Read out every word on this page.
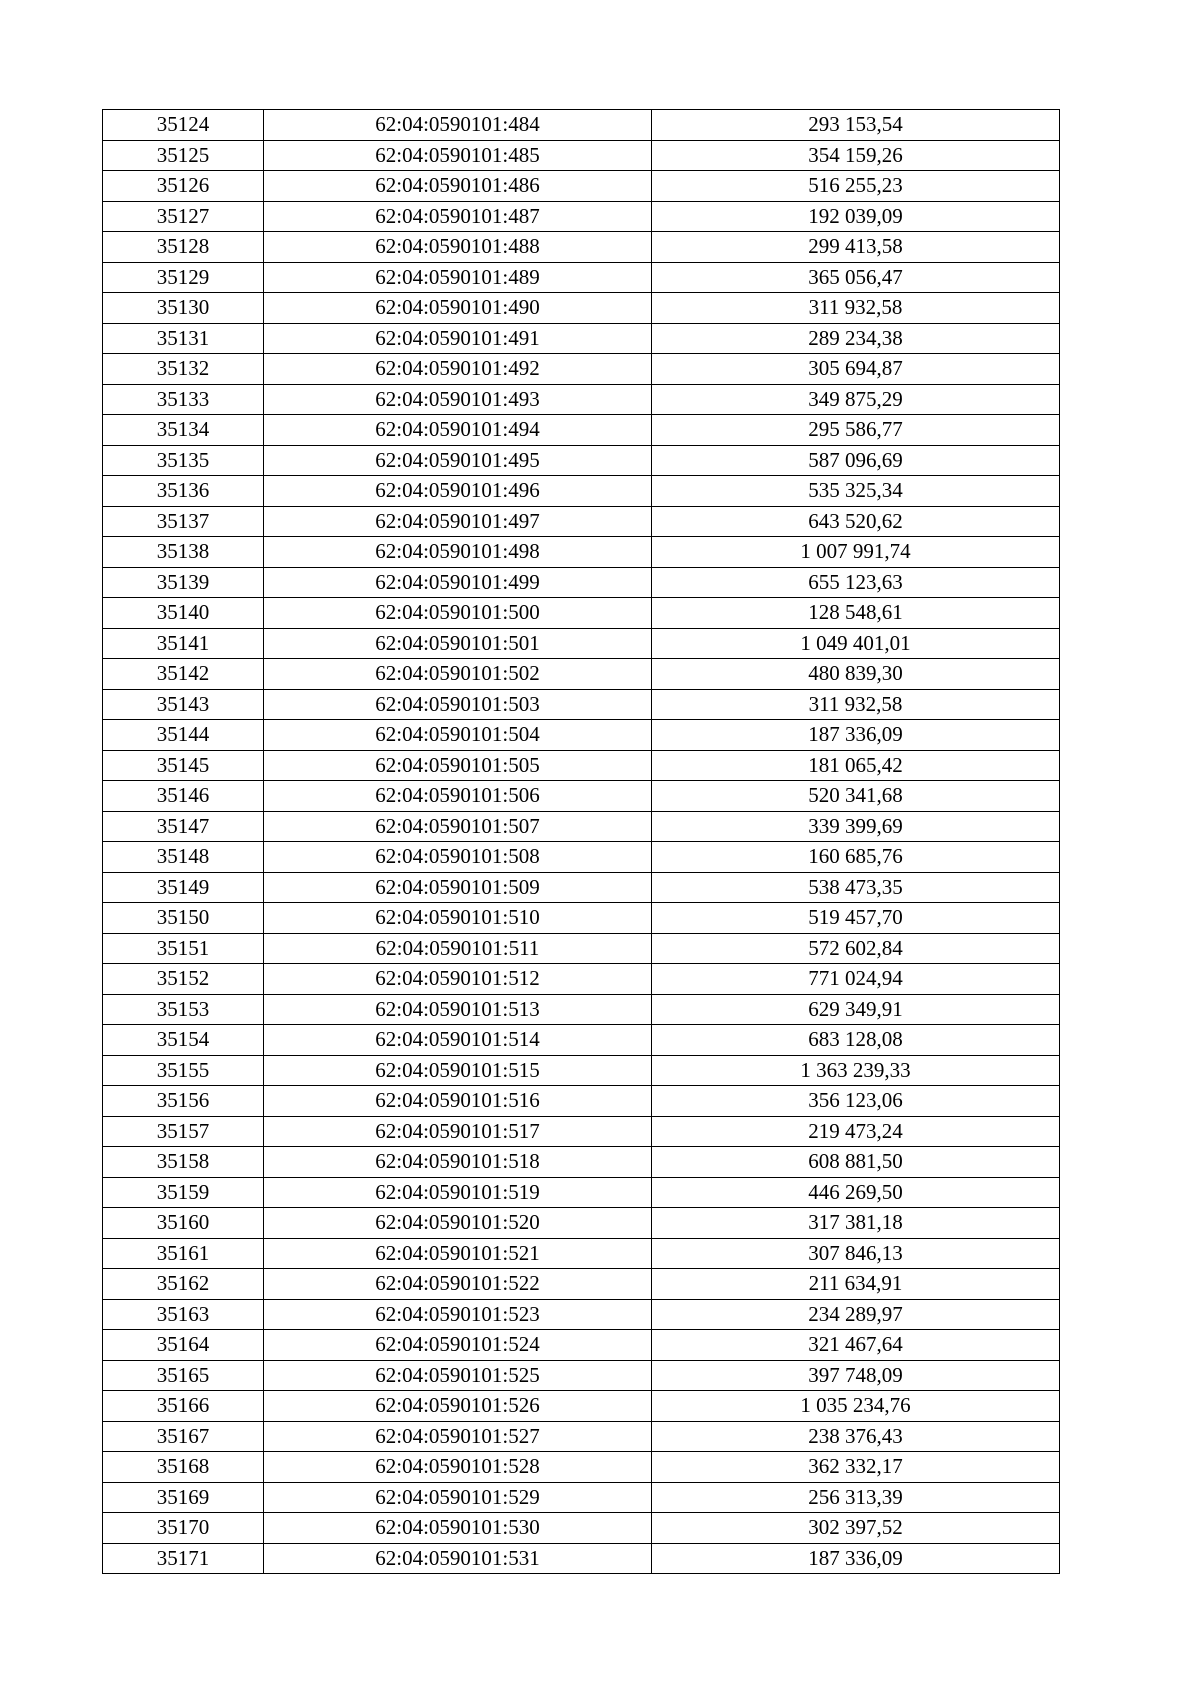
35124	62:04:0590101:484	293 153,54
35125	62:04:0590101:485	354 159,26
35126	62:04:0590101:486	516 255,23
35127	62:04:0590101:487	192 039,09
35128	62:04:0590101:488	299 413,58
35129	62:04:0590101:489	365 056,47
35130	62:04:0590101:490	311 932,58
35131	62:04:0590101:491	289 234,38
35132	62:04:0590101:492	305 694,87
35133	62:04:0590101:493	349 875,29
35134	62:04:0590101:494	295 586,77
35135	62:04:0590101:495	587 096,69
35136	62:04:0590101:496	535 325,34
35137	62:04:0590101:497	643 520,62
35138	62:04:0590101:498	1 007 991,74
35139	62:04:0590101:499	655 123,63
35140	62:04:0590101:500	128 548,61
35141	62:04:0590101:501	1 049 401,01
35142	62:04:0590101:502	480 839,30
35143	62:04:0590101:503	311 932,58
35144	62:04:0590101:504	187 336,09
35145	62:04:0590101:505	181 065,42
35146	62:04:0590101:506	520 341,68
35147	62:04:0590101:507	339 399,69
35148	62:04:0590101:508	160 685,76
35149	62:04:0590101:509	538 473,35
35150	62:04:0590101:510	519 457,70
35151	62:04:0590101:511	572 602,84
35152	62:04:0590101:512	771 024,94
35153	62:04:0590101:513	629 349,91
35154	62:04:0590101:514	683 128,08
35155	62:04:0590101:515	1 363 239,33
35156	62:04:0590101:516	356 123,06
35157	62:04:0590101:517	219 473,24
35158	62:04:0590101:518	608 881,50
35159	62:04:0590101:519	446 269,50
35160	62:04:0590101:520	317 381,18
35161	62:04:0590101:521	307 846,13
35162	62:04:0590101:522	211 634,91
35163	62:04:0590101:523	234 289,97
35164	62:04:0590101:524	321 467,64
35165	62:04:0590101:525	397 748,09
35166	62:04:0590101:526	1 035 234,76
35167	62:04:0590101:527	238 376,43
35168	62:04:0590101:528	362 332,17
35169	62:04:0590101:529	256 313,39
35170	62:04:0590101:530	302 397,52
35171	62:04:0590101:531	187 336,09
